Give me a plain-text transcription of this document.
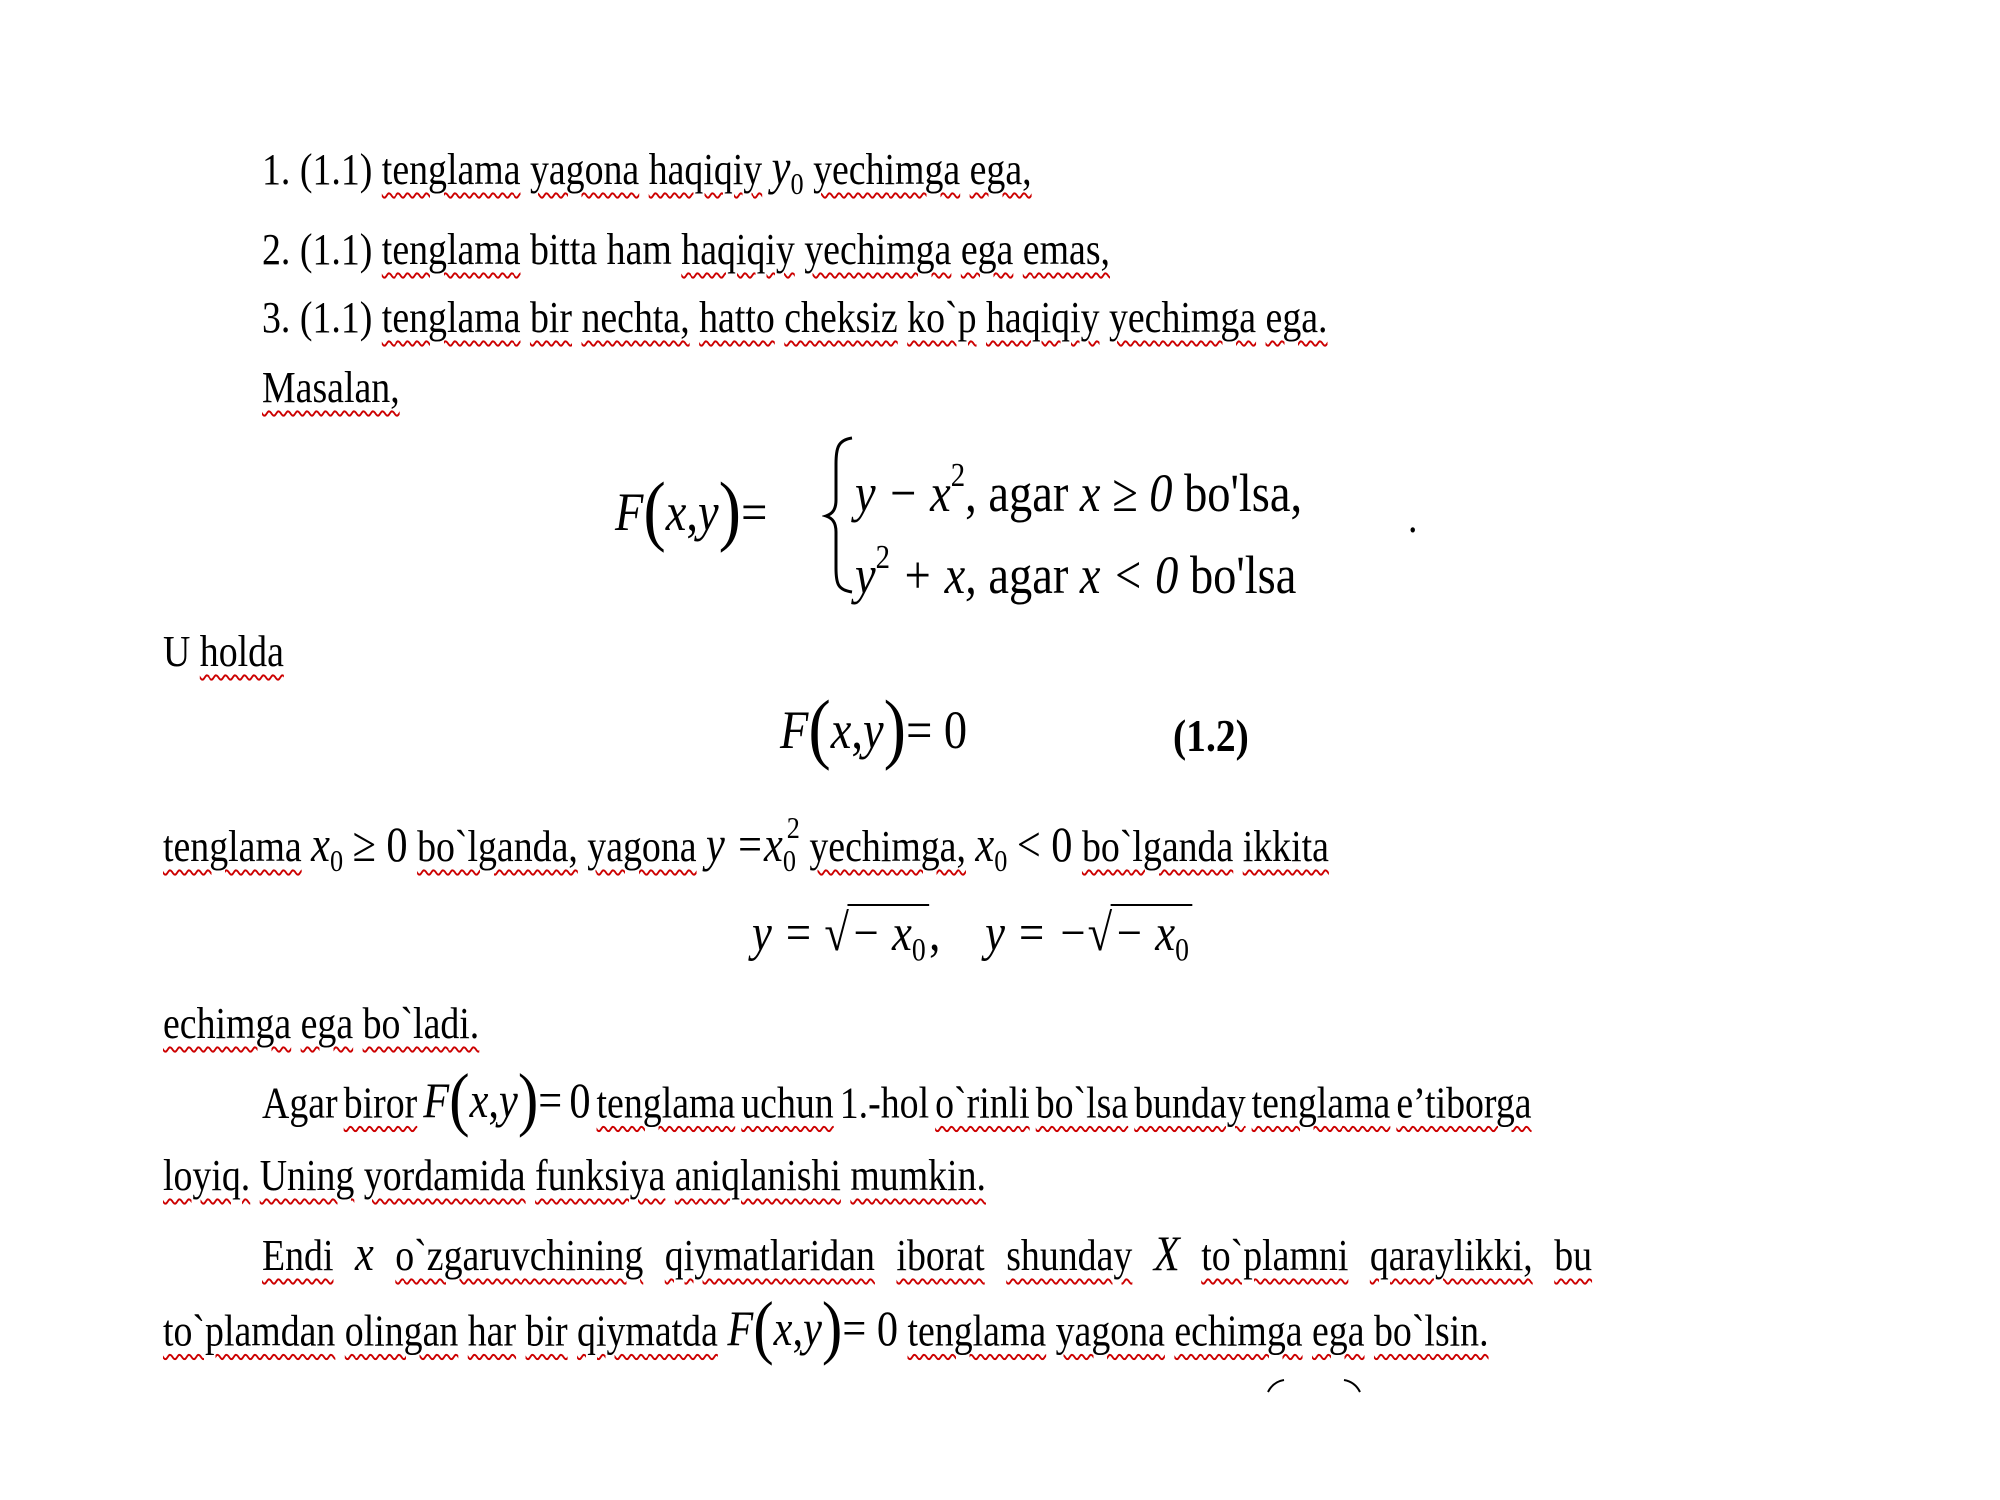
1. (1.1) tenglama yagona haqiqiy $y_0$ yechimga ega,
2. (1.1) tenglama bitta ham haqiqiy yechimga ega emas,
3. (1.1) tenglama bir nechta, hatto cheksiz ko`p haqiqiy yechimga ega.
Masalan,
$F(x,y)= y - x^2$, agar x ≥ 0 bo'lsa,
$y^2 + x$, agar x < 0 bo'lsa
.
U holda
F(x,y)= 0	(1.2)
tenglama $x_0 \ge 0$ bo`lganda, yagona $y =x_0^2$ yechimga, $x_0 < 0$ bo`lganda ikkita
y = √− $x_0$, y = −√− $x_0$
echimga ega bo`ladi.
Agar biror F(x,y)= 0 tenglama uchun 1.-hol o`rinli bo`lsa bunday tenglama e’tiborga
loyiq. Uning yordamida funksiya aniqlanishi mumkin.
Endi x o`zgaruvchining qiymatlaridan iborat shunday X to`plamni qaraylikki, bu
to`plamdan olingan har bir qiymatda F(x,y)= 0 tenglama yagona echimga ega bo`lsin.
